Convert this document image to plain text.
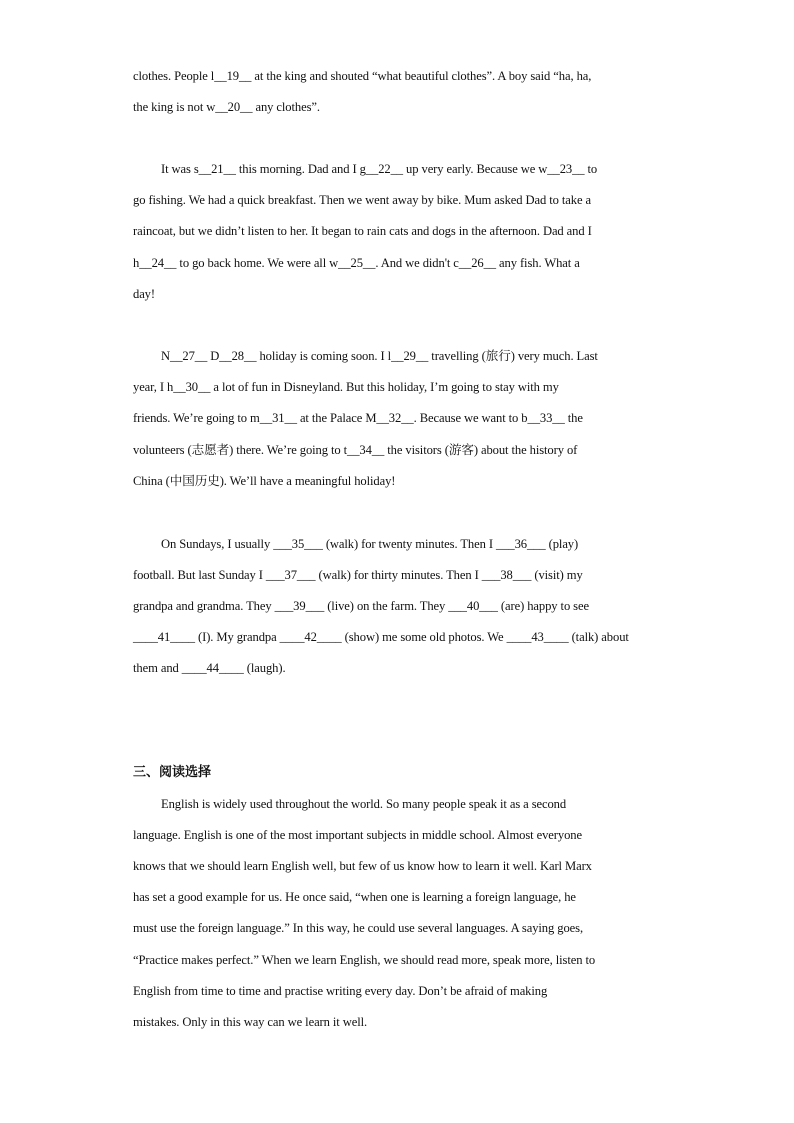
clothes. People l__19__ at the king and shouted “what beautiful clothes”. A boy said “ha, ha,
the king is not w__20__ any clothes”.
It was s__21__ this morning. Dad and I g__22__ up very early. Because we w__23__ to
go fishing. We had a quick breakfast. Then we went away by bike. Mum asked Dad to take a
raincoat, but we didn’t listen to her. It began to rain cats and dogs in the afternoon. Dad and I
h__24__ to go back home. We were all w__25__. And we didn't c__26__ any fish. What a
day!
N__27__ D__28__ holiday is coming soon. I l__29__ travelling (旅行) very much. Last
year, I h__30__ a lot of fun in Disneyland. But this holiday, I’m going to stay with my
friends. We’re going to m__31__ at the Palace M__32__. Because we want to b__33__ the
volunteers (志愿者) there. We’re going to t__34__ the visitors (游客) about the history of
China (中国历史). We’ll have a meaningful holiday!
On Sundays, I usually ___35___ (walk) for twenty minutes. Then I ___36___ (play)
football. But last Sunday I ___37___ (walk) for thirty minutes. Then I ___38___ (visit) my
grandpa and grandma. They ___39___ (live) on the farm. They ___40___ (are) happy to see
____41____ (I). My grandpa ____42____ (show) me some old photos. We ____43____ (talk) about
them and ____44____ (laugh).
三、阅读选择
English is widely used throughout the world. So many people speak it as a second
language. English is one of the most important subjects in middle school. Almost everyone
knows that we should learn English well, but few of us know how to learn it well. Karl Marx
has set a good example for us. He once said, “when one is learning a foreign language, he
must use the foreign language.” In this way, he could use several languages. A saying goes,
“Practice makes perfect.” When we learn English, we should read more, speak more, listen to
English from time to time and practise writing every day. Don’t be afraid of making
mistakes. Only in this way can we learn it well.
